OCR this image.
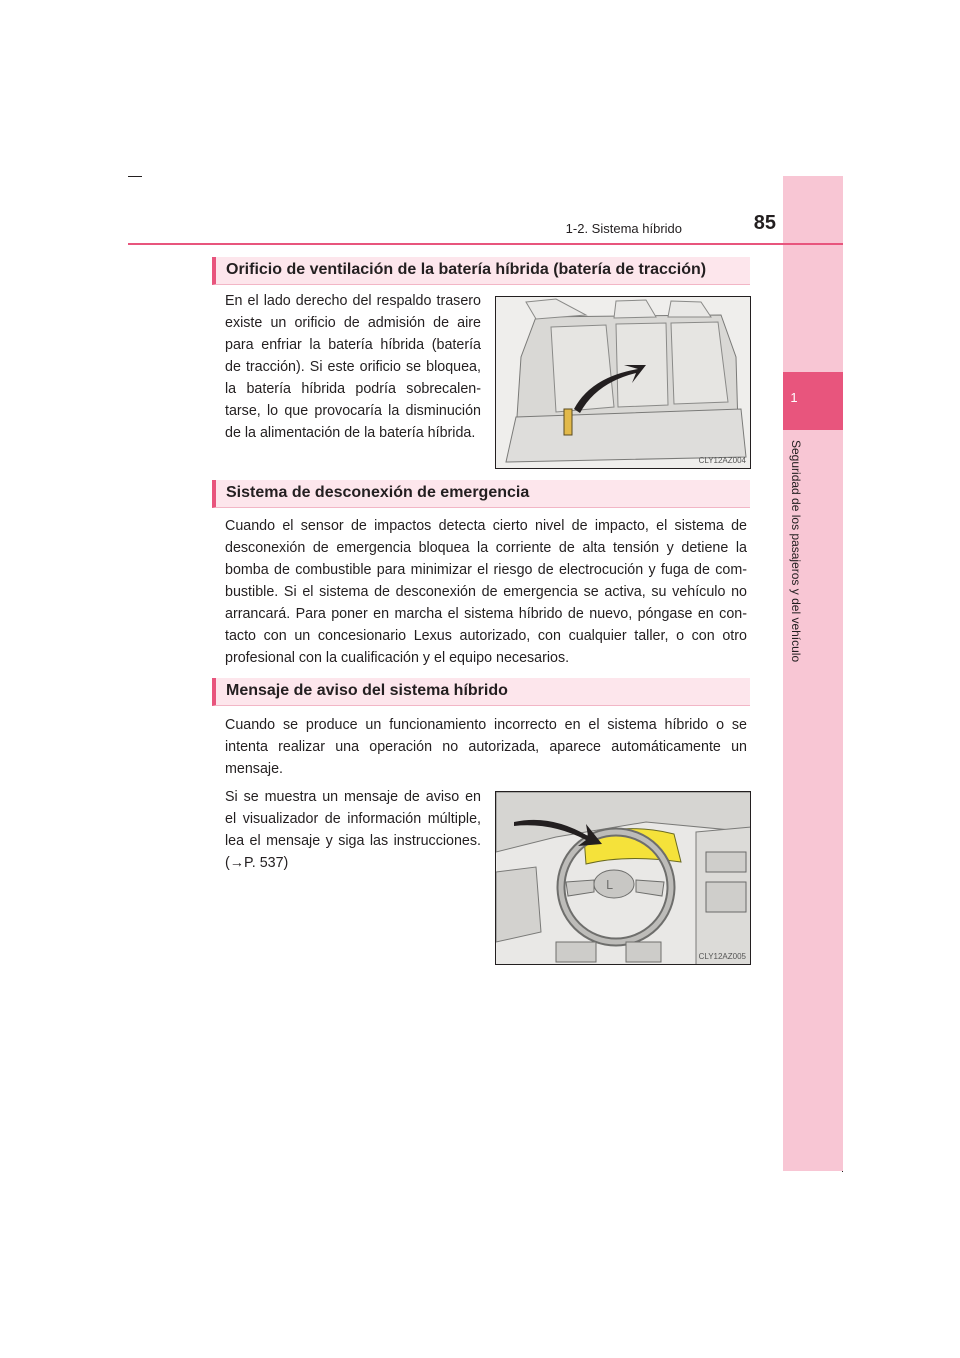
1
Seguridad de los pasajeros y del vehículo
1-2. Sistema híbrido	85
Orificio de ventilación de la batería híbrida (batería de tracción)

En el lado derecho del respaldo trasero existe un orificio de admisión de aire para enfriar la batería híbrida (batería de tracción). Si este orificio se bloquea, la batería híbrida podría sobrecalen-tarse, lo que provocaría la disminución de la alimentación de la batería híbrida.

CLY12AZ004
Sistema de desconexión de emergencia

Cuando el sensor de impactos detecta cierto nivel de impacto, el sistema de desconexión de emergencia bloquea la corriente de alta tensión y detiene la bomba de combustible para minimizar el riesgo de electrocución y fuga de com-bustible. Si el sistema de desconexión de emergencia se activa, su vehículo no arrancará. Para poner en marcha el sistema híbrido de nuevo, póngase en con-tacto con un concesionario Lexus autorizado, con cualquier taller, o con otro profesional con la cualificación y el equipo necesarios.

Mensaje de aviso del sistema híbrido

Cuando se produce un funcionamiento incorrecto en el sistema híbrido o se intenta realizar una operación no autorizada, aparece automáticamente un mensaje.

Si se muestra un mensaje de aviso en el visualizador de información múltiple, lea el mensaje y siga las instrucciones. (→P. 537)

L
CLY12AZ005
